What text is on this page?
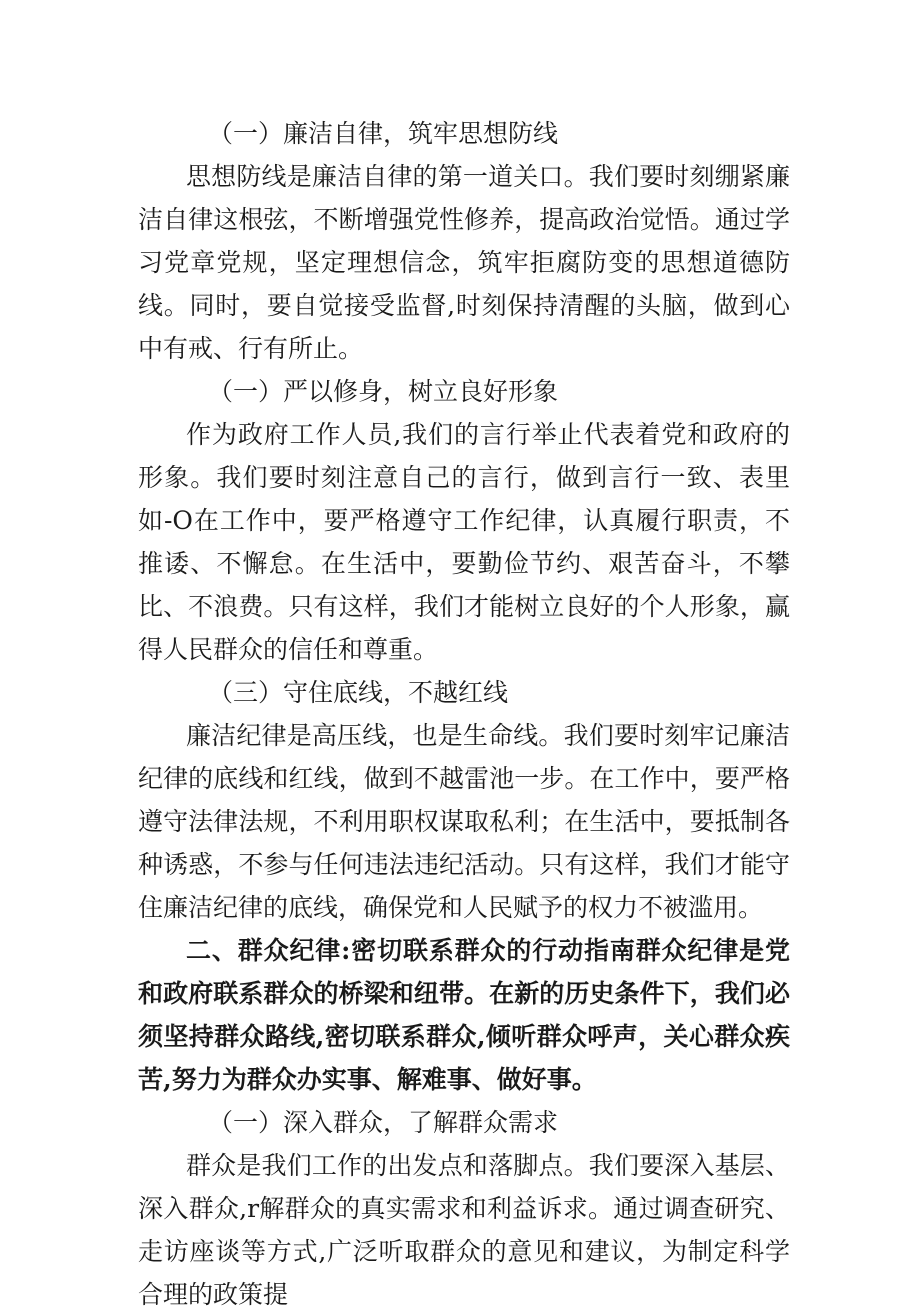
（一）廉洁自律，筑牢思想防线

思想防线是廉洁自律的第一道关口。我们要时刻绷紧廉洁自律这根弦，不断增强党性修养，提高政治觉悟。通过学习党章党规，坚定理想信念，筑牢拒腐防变的思想道德防线。同时，要自觉接受监督,时刻保持清醒的头脑，做到心中有戒、行有所止。

（一）严以修身，树立良好形象

作为政府工作人员,我们的言行举止代表着党和政府的形象。我们要时刻注意自己的言行，做到言行一致、表里如-O在工作中，要严格遵守工作纪律，认真履行职责，不推诿、不懈怠。在生活中，要勤俭节约、艰苦奋斗，不攀比、不浪费。只有这样，我们才能树立良好的个人形象，赢得人民群众的信任和尊重。

（三）守住底线，不越红线

廉洁纪律是高压线，也是生命线。我们要时刻牢记廉洁纪律的底线和红线，做到不越雷池一步。在工作中，要严格遵守法律法规，不利用职权谋取私利；在生活中，要抵制各种诱惑，不参与任何违法违纪活动。只有这样，我们才能守住廉洁纪律的底线，确保党和人民赋予的权力不被滥用。

二、群众纪律:密切联系群众的行动指南群众纪律是党和政府联系群众的桥梁和纽带。在新的历史条件下，我们必须坚持群众路线,密切联系群众,倾听群众呼声，关心群众疾苦,努力为群众办实事、解难事、做好事。

（一）深入群众，了解群众需求

群众是我们工作的出发点和落脚点。我们要深入基层、深入群众,r解群众的真实需求和利益诉求。通过调查研究、走访座谈等方式,广泛听取群众的意见和建议，为制定科学合理的政策提
